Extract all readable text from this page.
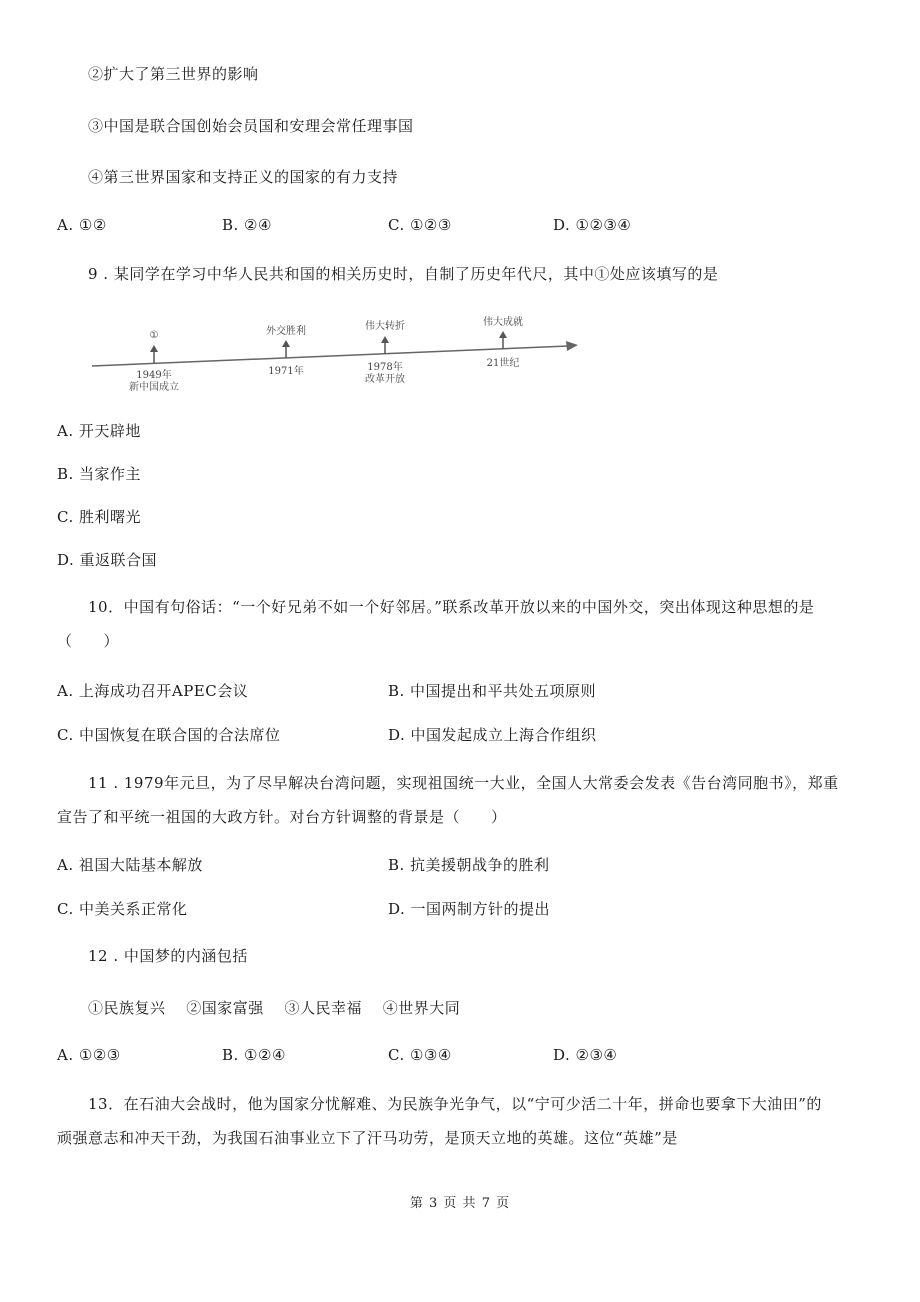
②扩大了第三世界的影响
③中国是联合国创始会员国和安理会常任理事国
④第三世界国家和支持正义的国家的有力支持
A. ①②	B. ②④	C. ①②③	D. ①②③④
9 . 某同学在学习中华人民共和国的相关历史时，自制了历史年代尺，其中①处应该填写的是
①
1949年
新中国成立
外交胜利
1971年
伟大转折
1978年
改革开放
伟大成就
21世纪
A. 开天辟地
B. 当家作主
C. 胜利曙光
D. 重返联合国
10．中国有句俗话：“一个好兄弟不如一个好邻居。”联系改革开放以来的中国外交，突出体现这种思想的是
（　　）
A. 上海成功召开APEC会议	B. 中国提出和平共处五项原则
C. 中国恢复在联合国的合法席位	D. 中国发起成立上海合作组织
11 . 1979年元旦，为了尽早解决台湾问题，实现祖国统一大业，全国人大常委会发表《告台湾同胞书》，郑重
宣告了和平统一祖国的大政方针。对台方针调整的背景是（　　）
A. 祖国大陆基本解放	B. 抗美援朝战争的胜利
C. 中美关系正常化	D. 一国两制方针的提出
12 . 中国梦的内涵包括
①民族复兴　 ②国家富强　 ③人民幸福　 ④世界大同
A. ①②③	B. ①②④	C. ①③④	D. ②③④
13．在石油大会战时，他为国家分忧解难、为民族争光争气，以“宁可少活二十年，拼命也要拿下大油田”的
顽强意志和冲天干劲，为我国石油事业立下了汗马功劳，是顶天立地的英雄。这位“英雄”是
第 3 页 共 7 页
